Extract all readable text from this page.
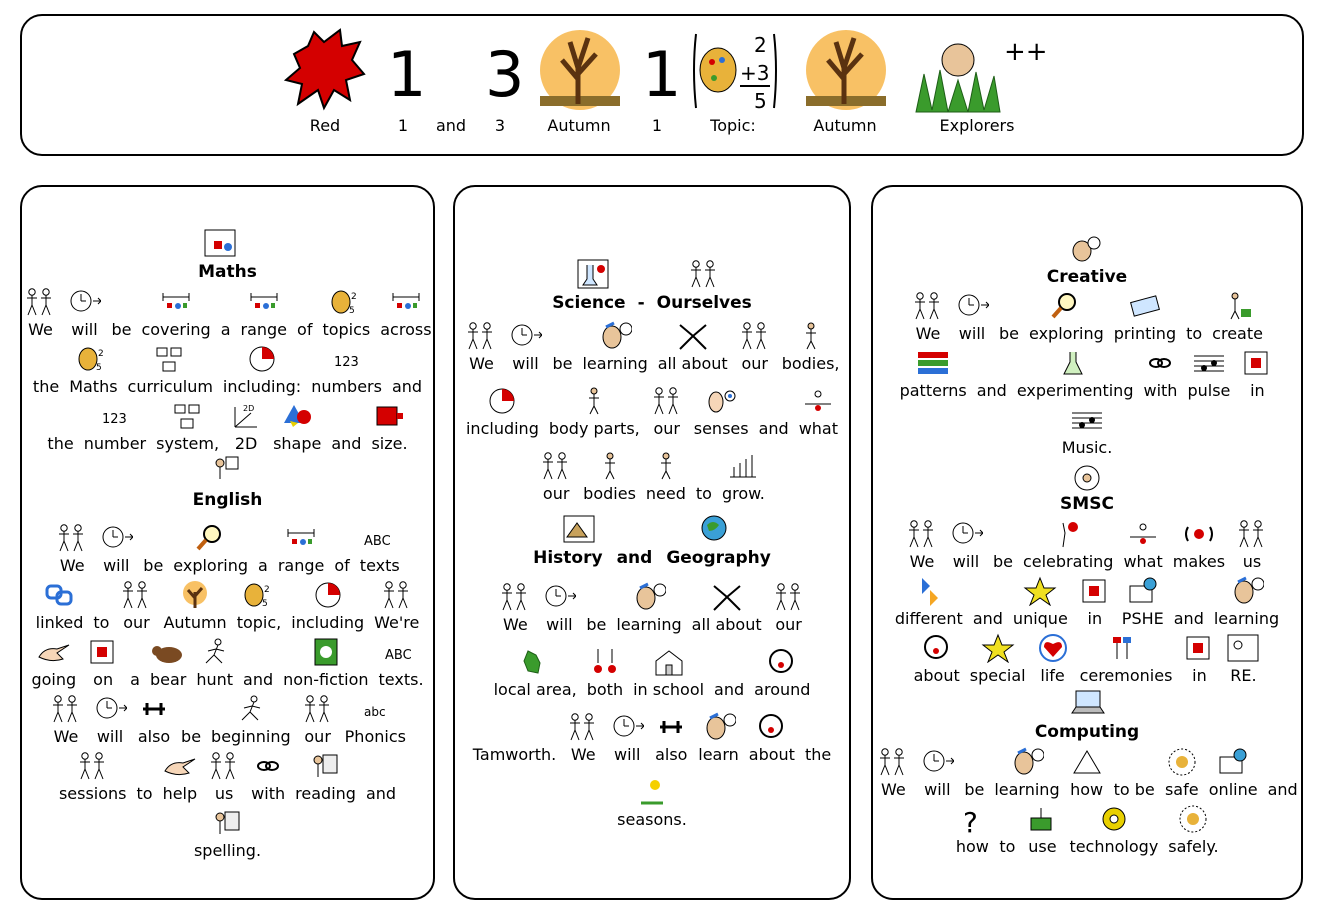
1 3 1	2
+3
5
++
Red	1	and	3	Autumn	1	Topic:	Autumn	Explorers
Maths
We will be covering a range of
2
5
topics across
the
2
5
Maths curriculum including:
123
numbers and
the
123
number system,
2D
2D shape and size.
English
We will be exploring a range of
ABC
texts
linked to our Autumn
2
5
topic, including We're
going on a bear hunt and non-fiction
ABC
texts.
We will also be beginning our
abc
Phonics
sessions to help us with reading and
spelling.
Science - Ourselves
We will be learning all about our bodies,
including body parts, our senses and what
our bodies need to grow.
History and Geography
We will be learning all about our
local area, both in school and around
Tamworth. We will also learn about the
seasons.
Creative
We will be exploring printing to create
patterns and experimenting with pulse in
Music.
SMSC
We will be celebrating what makes us
different and unique in PSHE and learning
about special life ceremonies in RE.
Computing
We will be learning how to be safe online and
?
how to use technology safely.
